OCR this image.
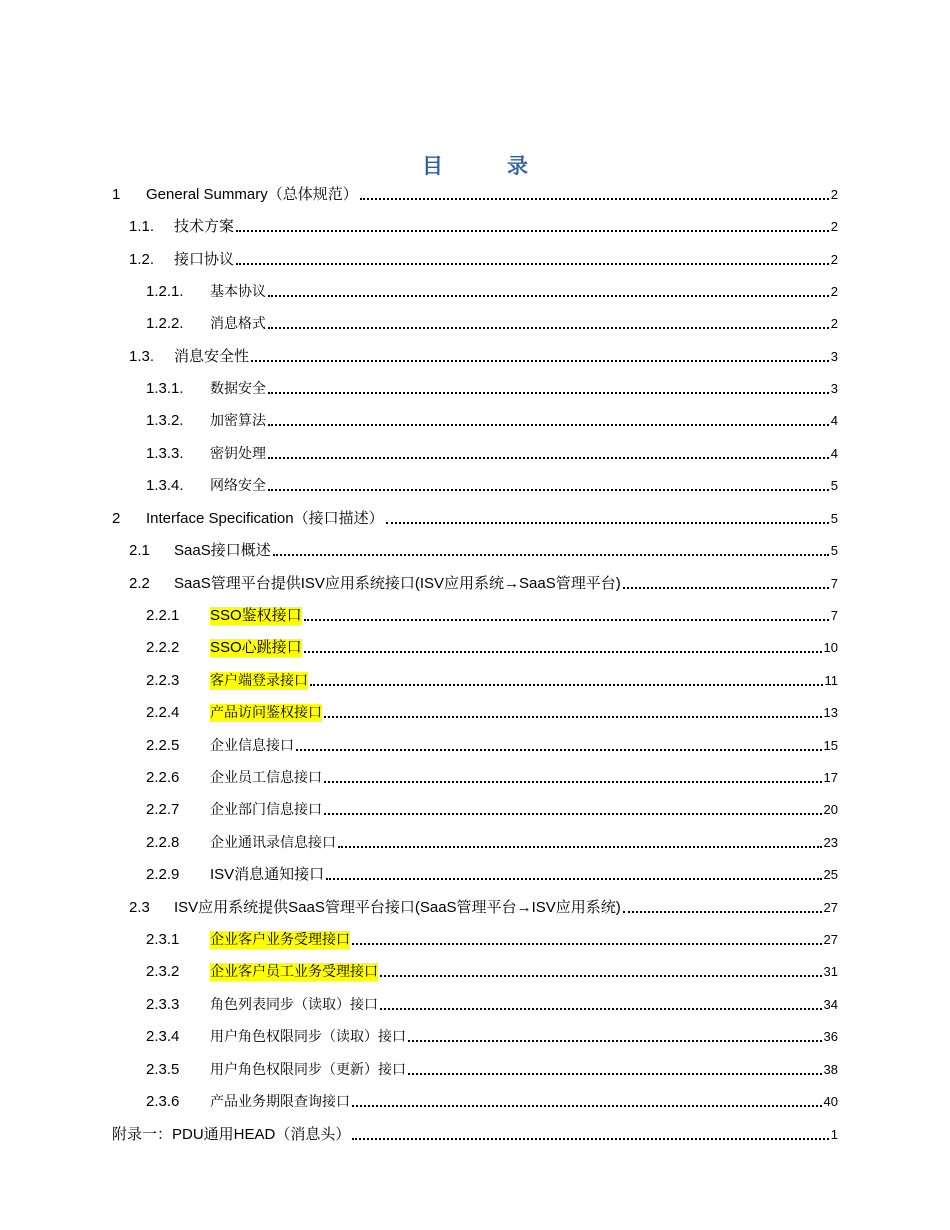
目	录
1	General Summary（总体规范）	2
1.1.	技术方案	2
1.2.	接口协议	2
1.2.1.	基本协议	2
1.2.2.	消息格式	2
1.3.	消息安全性	3
1.3.1.	数据安全	3
1.3.2.	加密算法	4
1.3.3.	密钥处理	4
1.3.4.	网络安全	5
2	Interface Specification（接口描述）	5
2.1	SaaS接口概述	5
2.2	SaaS管理平台提供ISV应用系统接口(ISV应用系统→SaaS管理平台)	7
2.2.1	SSO鉴权接口	7
2.2.2	SSO心跳接口	10
2.2.3	客户端登录接口	11
2.2.4	产品访问鉴权接口	13
2.2.5	企业信息接口	15
2.2.6	企业员工信息接口	17
2.2.7	企业部门信息接口	20
2.2.8	企业通讯录信息接口	23
2.2.9	ISV消息通知接口	25
2.3	ISV应用系统提供SaaS管理平台接口(SaaS管理平台→ISV应用系统)	27
2.3.1	企业客户业务受理接口	27
2.3.2	企业客户员工业务受理接口	31
2.3.3	角色列表同步（读取）接口	34
2.3.4	用户角色权限同步（读取）接口	36
2.3.5	用户角色权限同步（更新）接口	38
2.3.6	产品业务期限查询接口	40
附录一：PDU通用HEAD（消息头）	1
